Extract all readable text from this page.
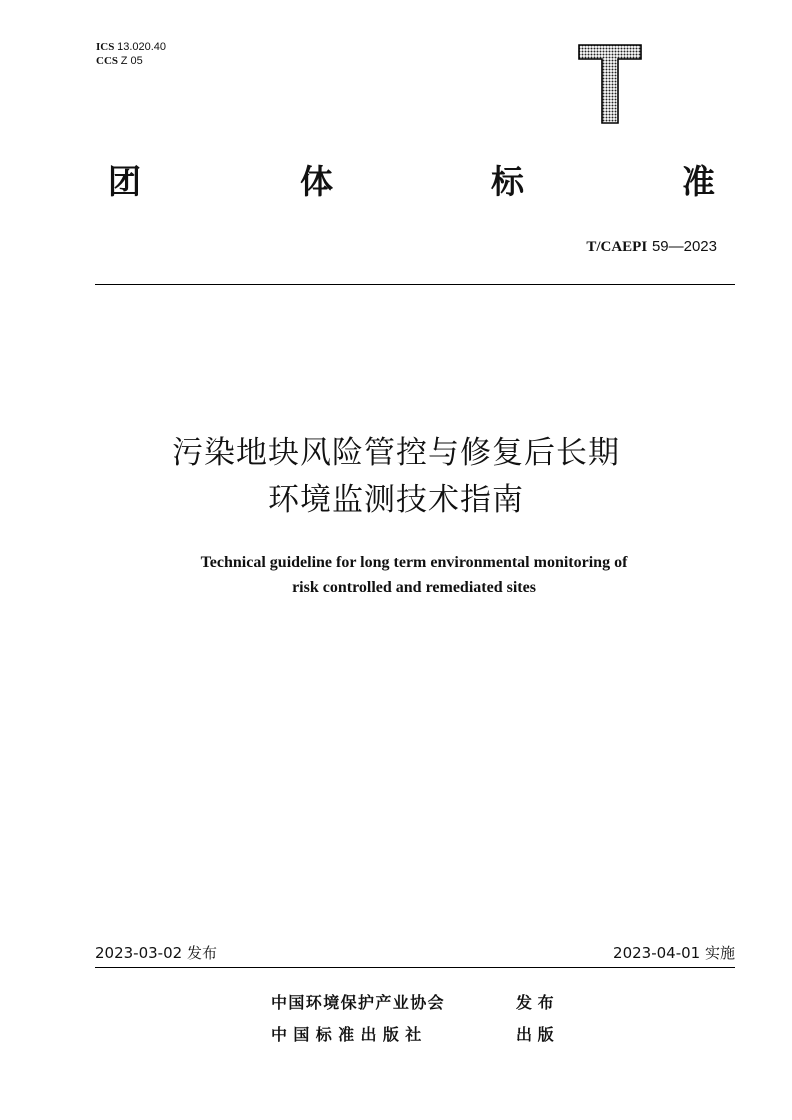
ICS 13.020.40
CCS Z 05
团	体	标	准
T/CAEPI 59—2023
污染地块风险管控与修复后长期
环境监测技术指南
Technical guideline for long term environmental monitoring of
risk controlled and remediated sites
2023-03-02 发布	2023-04-01 实施
中国环境保护产业协会	发 布
中 国 标 准 出 版 社	出 版
